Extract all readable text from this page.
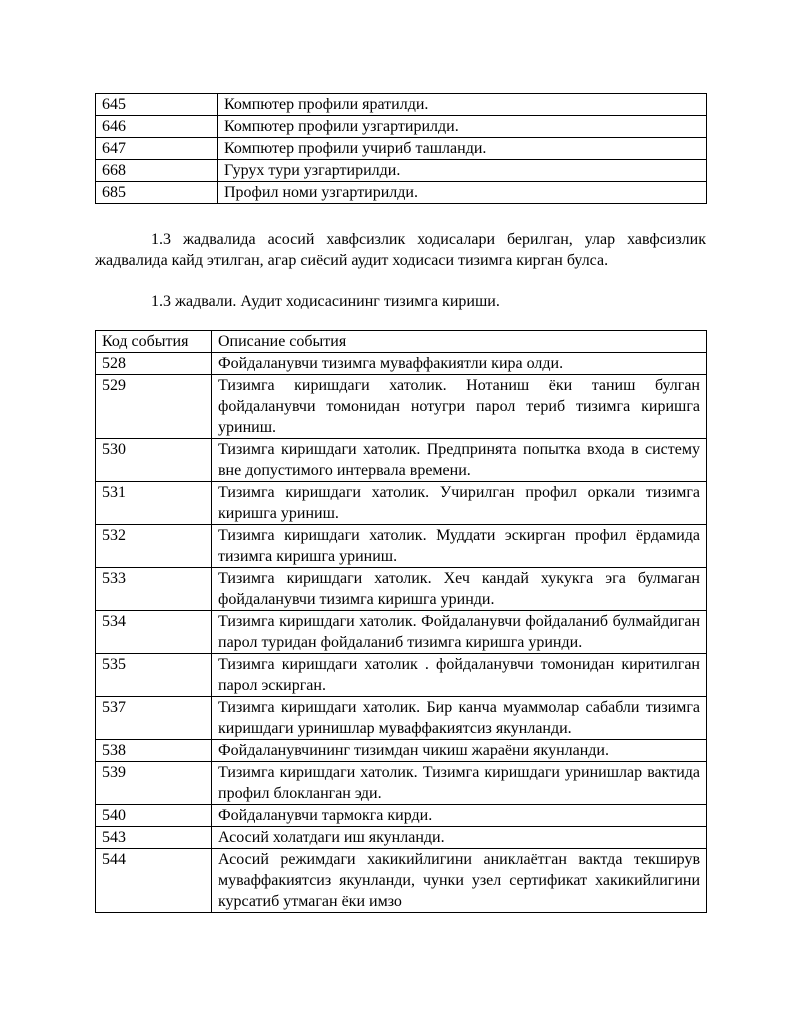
645	Компютер профили яратилди.
646	Компютер профили узгартирилди.
647	Компютер профили учириб ташланди.
668	Гурух тури узгартирилди.
685	Профил номи узгартирилди.
1.3 жадвалида асосий хавфсизлик ходисалари берилган, улар хавфсизлик жадвалида кайд этилган, агар сиёсий аудит ходисаси тизимга кирган булса.
1.3 жадвали. Аудит ходисасининг тизимга кириши.
Код события	Описание события
528	Фойдаланувчи тизимга муваффакиятли кира олди.
529	Тизимга киришдаги хатолик. Нотаниш ёки таниш булган фойдаланувчи томонидан нотугри парол териб тизимга киришга уриниш.
530	Тизимга киришдаги хатолик. Предпринята попытка входа в систему вне допустимого интервала времени.
531	Тизимга киришдаги хатолик. Учирилган профил оркали тизимга киришга уриниш.
532	Тизимга киришдаги хатолик. Муддати эскирган профил ёрдамида тизимга киришга уриниш.
533	Тизимга киришдаги хатолик. Хеч кандай хукукга эга булмаган фойдаланувчи тизимга киришга уринди.
534	Тизимга киришдаги хатолик. Фойдаланувчи фойдаланиб булмайдиган парол туридан фойдаланиб тизимга киришга уринди.
535	Тизимга киришдаги хатолик . фойдаланувчи томонидан киритилган парол эскирган.
537	Тизимга киришдаги хатолик. Бир канча муаммолар сабабли тизимга киришдаги уринишлар муваффакиятсиз якунланди.
538	Фойдаланувчининг тизимдан чикиш жараёни якунланди.
539	Тизимга киришдаги хатолик. Тизимга киришдаги уринишлар вактида профил блокланган эди.
540	Фойдаланувчи тармокга кирди.
543	Асосий холатдаги иш якунланди.
544	Асосий режимдаги хакикийлигини аниклаётган вактда текширув муваффакиятсиз якунланди, чунки узел сертификат хакикийлигини курсатиб утмаган ёки имзо
